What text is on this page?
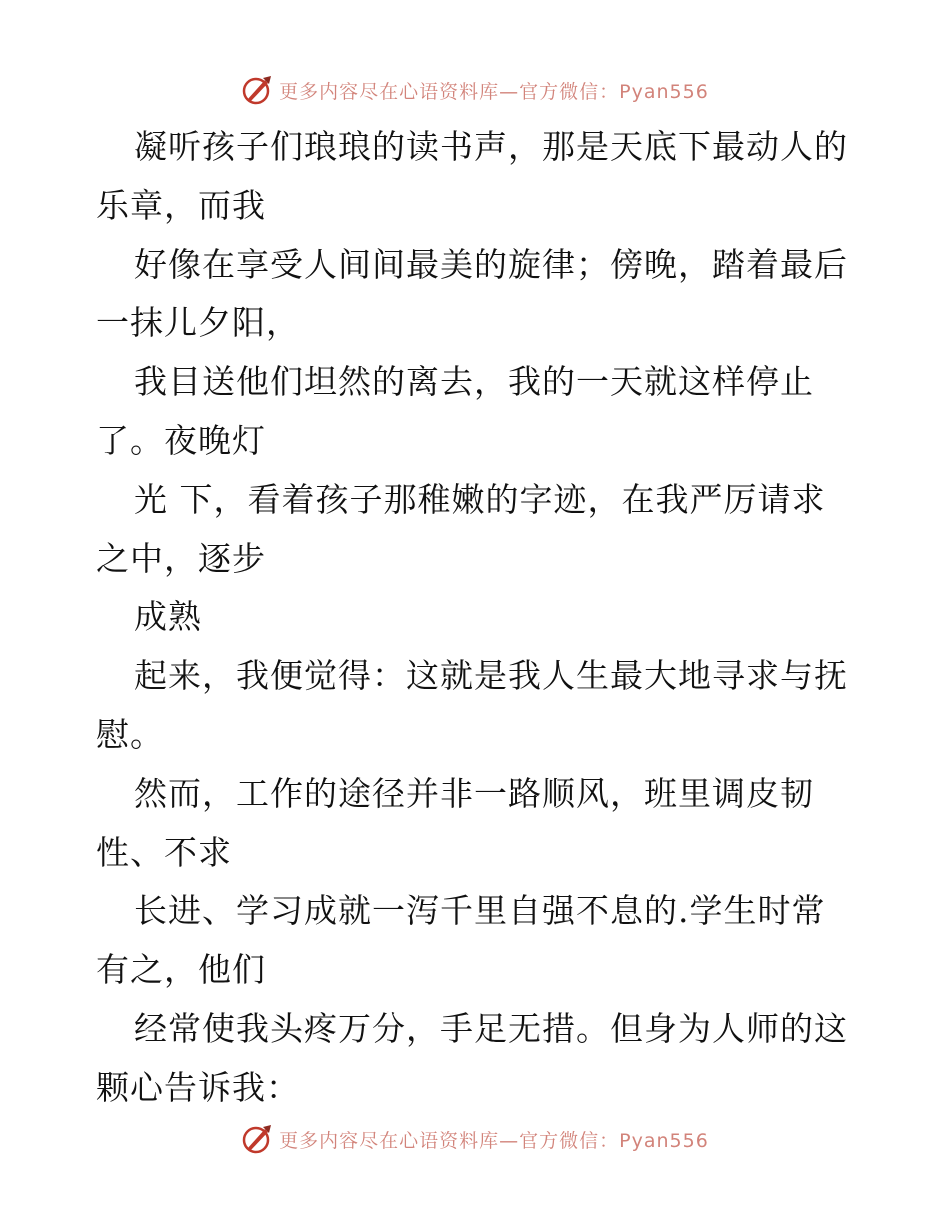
更多内容尽在心语资料库—官方微信：Pyan556
凝听孩子们琅琅的读书声，那是天底下最动人的
乐章，而我
好像在享受人间间最美的旋律；傍晚，踏着最后
一抹儿夕阳，
我目送他们坦然的离去，我的一天就这样停止
了。夜晚灯
光 下，看着孩子那稚嫩的字迹，在我严厉请求
之中，逐步
成熟
起来，我便觉得：这就是我人生最大地寻求与抚
慰。
然而，工作的途径并非一路顺风，班里调皮韧
性、不求
长进、学习成就一泻千里自强不息的.学生时常
有之，他们
经常使我头疼万分，手足无措。但身为人师的这
颗心告诉我：
更多内容尽在心语资料库—官方微信：Pyan556
